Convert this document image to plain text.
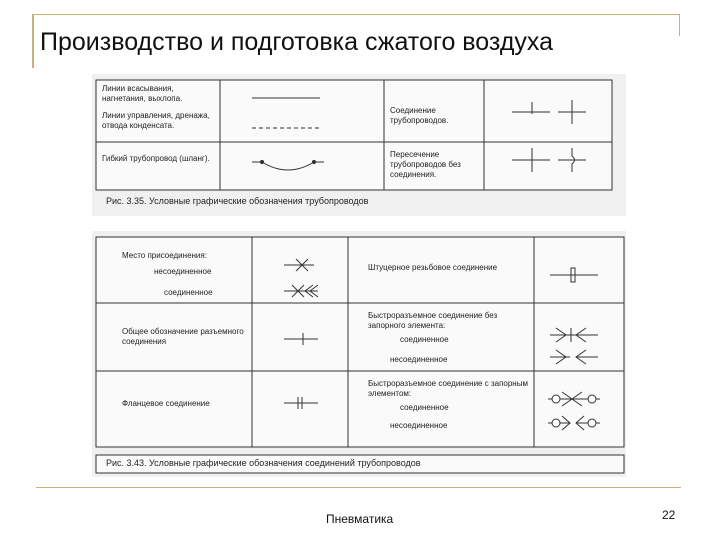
Производство и подготовка сжатого воздуха
Линии всасывания, нагнетания, выхлопа.
Линии управления, дренажа, отвода конденсата.
Гибкий трубопровод (шланг).
Соединение трубопроводов.
Пересечение трубопроводов без соединения.
Рис. 3.35. Условные графические обозначения трубопроводов
Место присоединения:
несоединенное
соединенное
Общее обозначение разъемного соединения
Фланцевое соединение
Штуцерное резьбовое соединение
Быстроразъемное соединение без запорного элемента:
соединенное
несоединенное
Быстроразъемное соединение с запорным элементом:
соединенное
несоединенное
Рис. 3.43. Условные графические обозначения соединений трубопроводов
Пневматика	22
